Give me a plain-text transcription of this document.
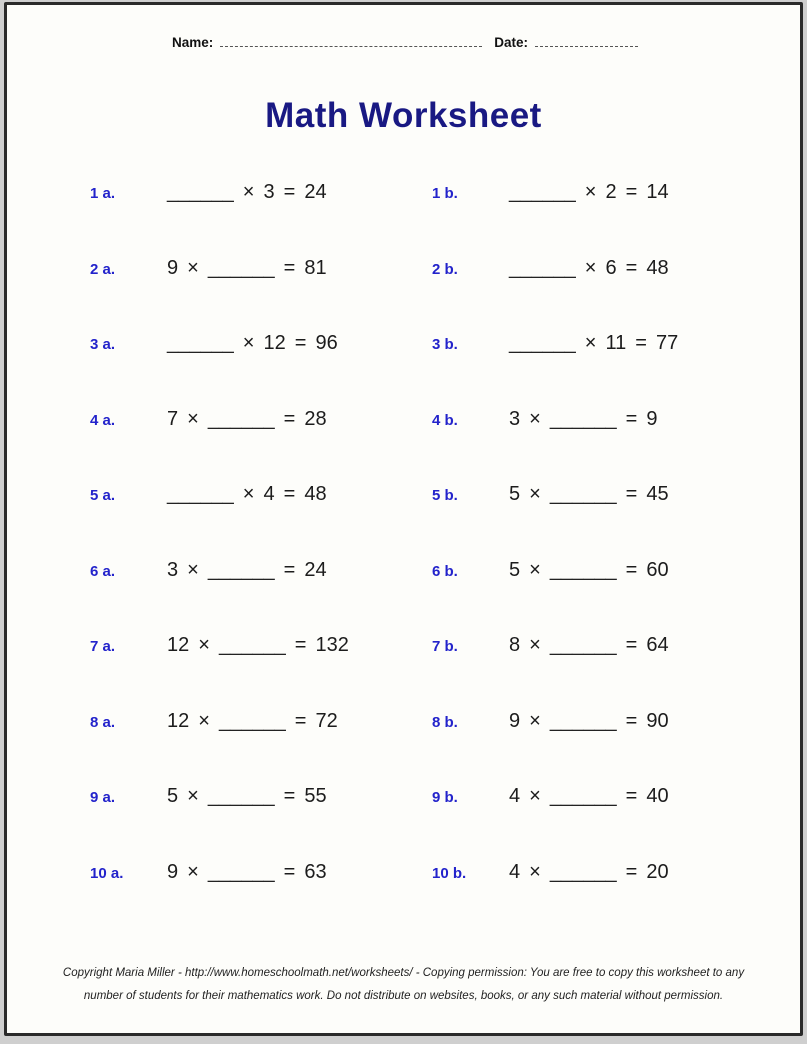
Name:	Date:
Math Worksheet
1 a.	______ × 3 = 24	1 b.	______ × 2 = 14
2 a.	9 × ______ = 81	2 b.	______ × 6 = 48
3 a.	______ × 12 = 96	3 b.	______ × 11 = 77
4 a.	7 × ______ = 28	4 b.	3 × ______ = 9
5 a.	______ × 4 = 48	5 b.	5 × ______ = 45
6 a.	3 × ______ = 24	6 b.	5 × ______ = 60
7 a.	12 × ______ = 132	7 b.	8 × ______ = 64
8 a.	12 × ______ = 72	8 b.	9 × ______ = 90
9 a.	5 × ______ = 55	9 b.	4 × ______ = 40
10 a.	9 × ______ = 63	10 b.	4 × ______ = 20
Copyright Maria Miller - http://www.homeschoolmath.net/worksheets/ - Copying permission: You are free to copy this worksheet to any
number of students for their mathematics work. Do not distribute on websites, books, or any such material without permission.
